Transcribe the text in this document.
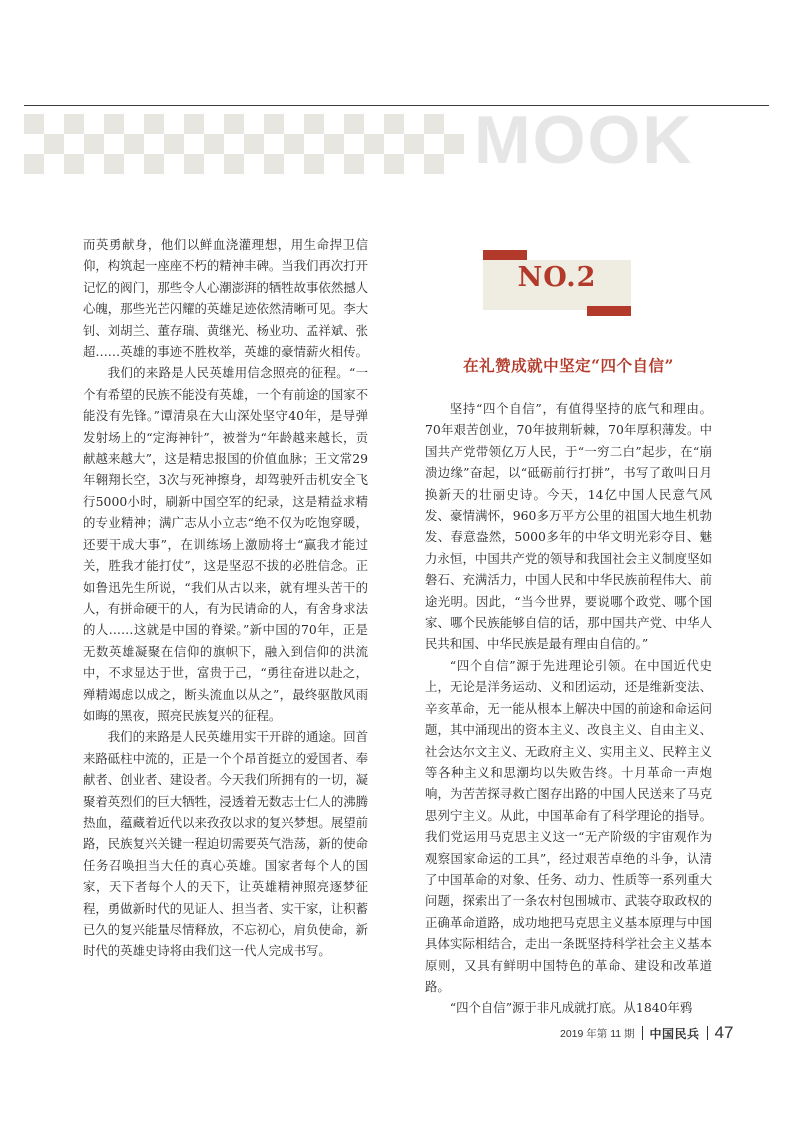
MOOK

而英勇献身，他们以鲜血浇灌理想，用生命捍卫信仰，构筑起一座座不朽的精神丰碑。当我们再次打开记忆的阀门，那些令人心潮澎湃的牺牲故事依然撼人心魄，那些光芒闪耀的英雄足迹依然清晰可见。李大钊、刘胡兰、董存瑞、黄继光、杨业功、孟祥斌、张超……英雄的事迹不胜枚举，英雄的豪情薪火相传。

我们的来路是人民英雄用信念照亮的征程。“一个有希望的民族不能没有英雄，一个有前途的国家不能没有先锋。”谭清泉在大山深处坚守40年，是导弹发射场上的“定海神针”，被誉为“年龄越来越长，贡献越来越大”，这是精忠报国的价值血脉；王文常29年翱翔长空，3次与死神擦身，却驾驶歼击机安全飞行5000小时，刷新中国空军的纪录，这是精益求精的专业精神；满广志从小立志“绝不仅为吃饱穿暖，还要干成大事”，在训练场上激励将士“赢我才能过关，胜我才能打仗”，这是坚忍不拔的必胜信念。正如鲁迅先生所说，“我们从古以来，就有埋头苦干的人，有拼命硬干的人，有为民请命的人，有舍身求法的人……这就是中国的脊梁。”新中国的70年，正是无数英雄凝聚在信仰的旗帜下，融入到信仰的洪流中，不求显达于世，富贵于己，“勇往奋进以赴之，殚精竭虑以成之，断头流血以从之”，最终驱散风雨如晦的黑夜，照亮民族复兴的征程。

我们的来路是人民英雄用实干开辟的通途。回首来路砥柱中流的，正是一个个昂首挺立的爱国者、奉献者、创业者、建设者。今天我们所拥有的一切，凝聚着英烈们的巨大牺牲，浸透着无数志士仁人的沸腾热血，蕴藏着近代以来孜孜以求的复兴梦想。展望前路，民族复兴关键一程迫切需要英气浩荡，新的使命任务召唤担当大任的真心英雄。国家者每个人的国家，天下者每个人的天下，让英雄精神照亮逐梦征程，勇做新时代的见证人、担当者、实干家，让积蓄已久的复兴能量尽情释放，不忘初心，肩负使命，新时代的英雄史诗将由我们这一代人完成书写。

NO.2
在礼赞成就中坚定“四个自信”

坚持“四个自信”，有值得坚持的底气和理由。70年艰苦创业，70年披荆斩棘，70年厚积薄发。中国共产党带领亿万人民，于“一穷二白”起步，在“崩溃边缘”奋起，以“砥砺前行打拼”，书写了敢叫日月换新天的壮丽史诗。今天，14亿中国人民意气风发、豪情满怀，960多万平方公里的祖国大地生机勃发、春意盎然，5000多年的中华文明光彩夺目、魅力永恒，中国共产党的领导和我国社会主义制度坚如磐石、充满活力，中国人民和中华民族前程伟大、前途光明。因此，“当今世界，要说哪个政党、哪个国家、哪个民族能够自信的话，那中国共产党、中华人民共和国、中华民族是最有理由自信的。”

“四个自信”源于先进理论引领。在中国近代史上，无论是洋务运动、义和团运动，还是维新变法、辛亥革命，无一能从根本上解决中国的前途和命运问题，其中涌现出的资本主义、改良主义、自由主义、社会达尔文主义、无政府主义、实用主义、民粹主义等各种主义和思潮均以失败告终。十月革命一声炮响，为苦苦探寻救亡图存出路的中国人民送来了马克思列宁主义。从此，中国革命有了科学理论的指导。我们党运用马克思主义这一“无产阶级的宇宙观作为观察国家命运的工具”，经过艰苦卓绝的斗争，认清了中国革命的对象、任务、动力、性质等一系列重大问题，探索出了一条农村包围城市、武装夺取政权的正确革命道路，成功地把马克思主义基本原理与中国具体实际相结合，走出一条既坚持科学社会主义基本原则，又具有鲜明中国特色的革命、建设和改革道路。

“四个自信”源于非凡成就打底。从1840年鸦

2019 年第 11 期 中国民兵 47
